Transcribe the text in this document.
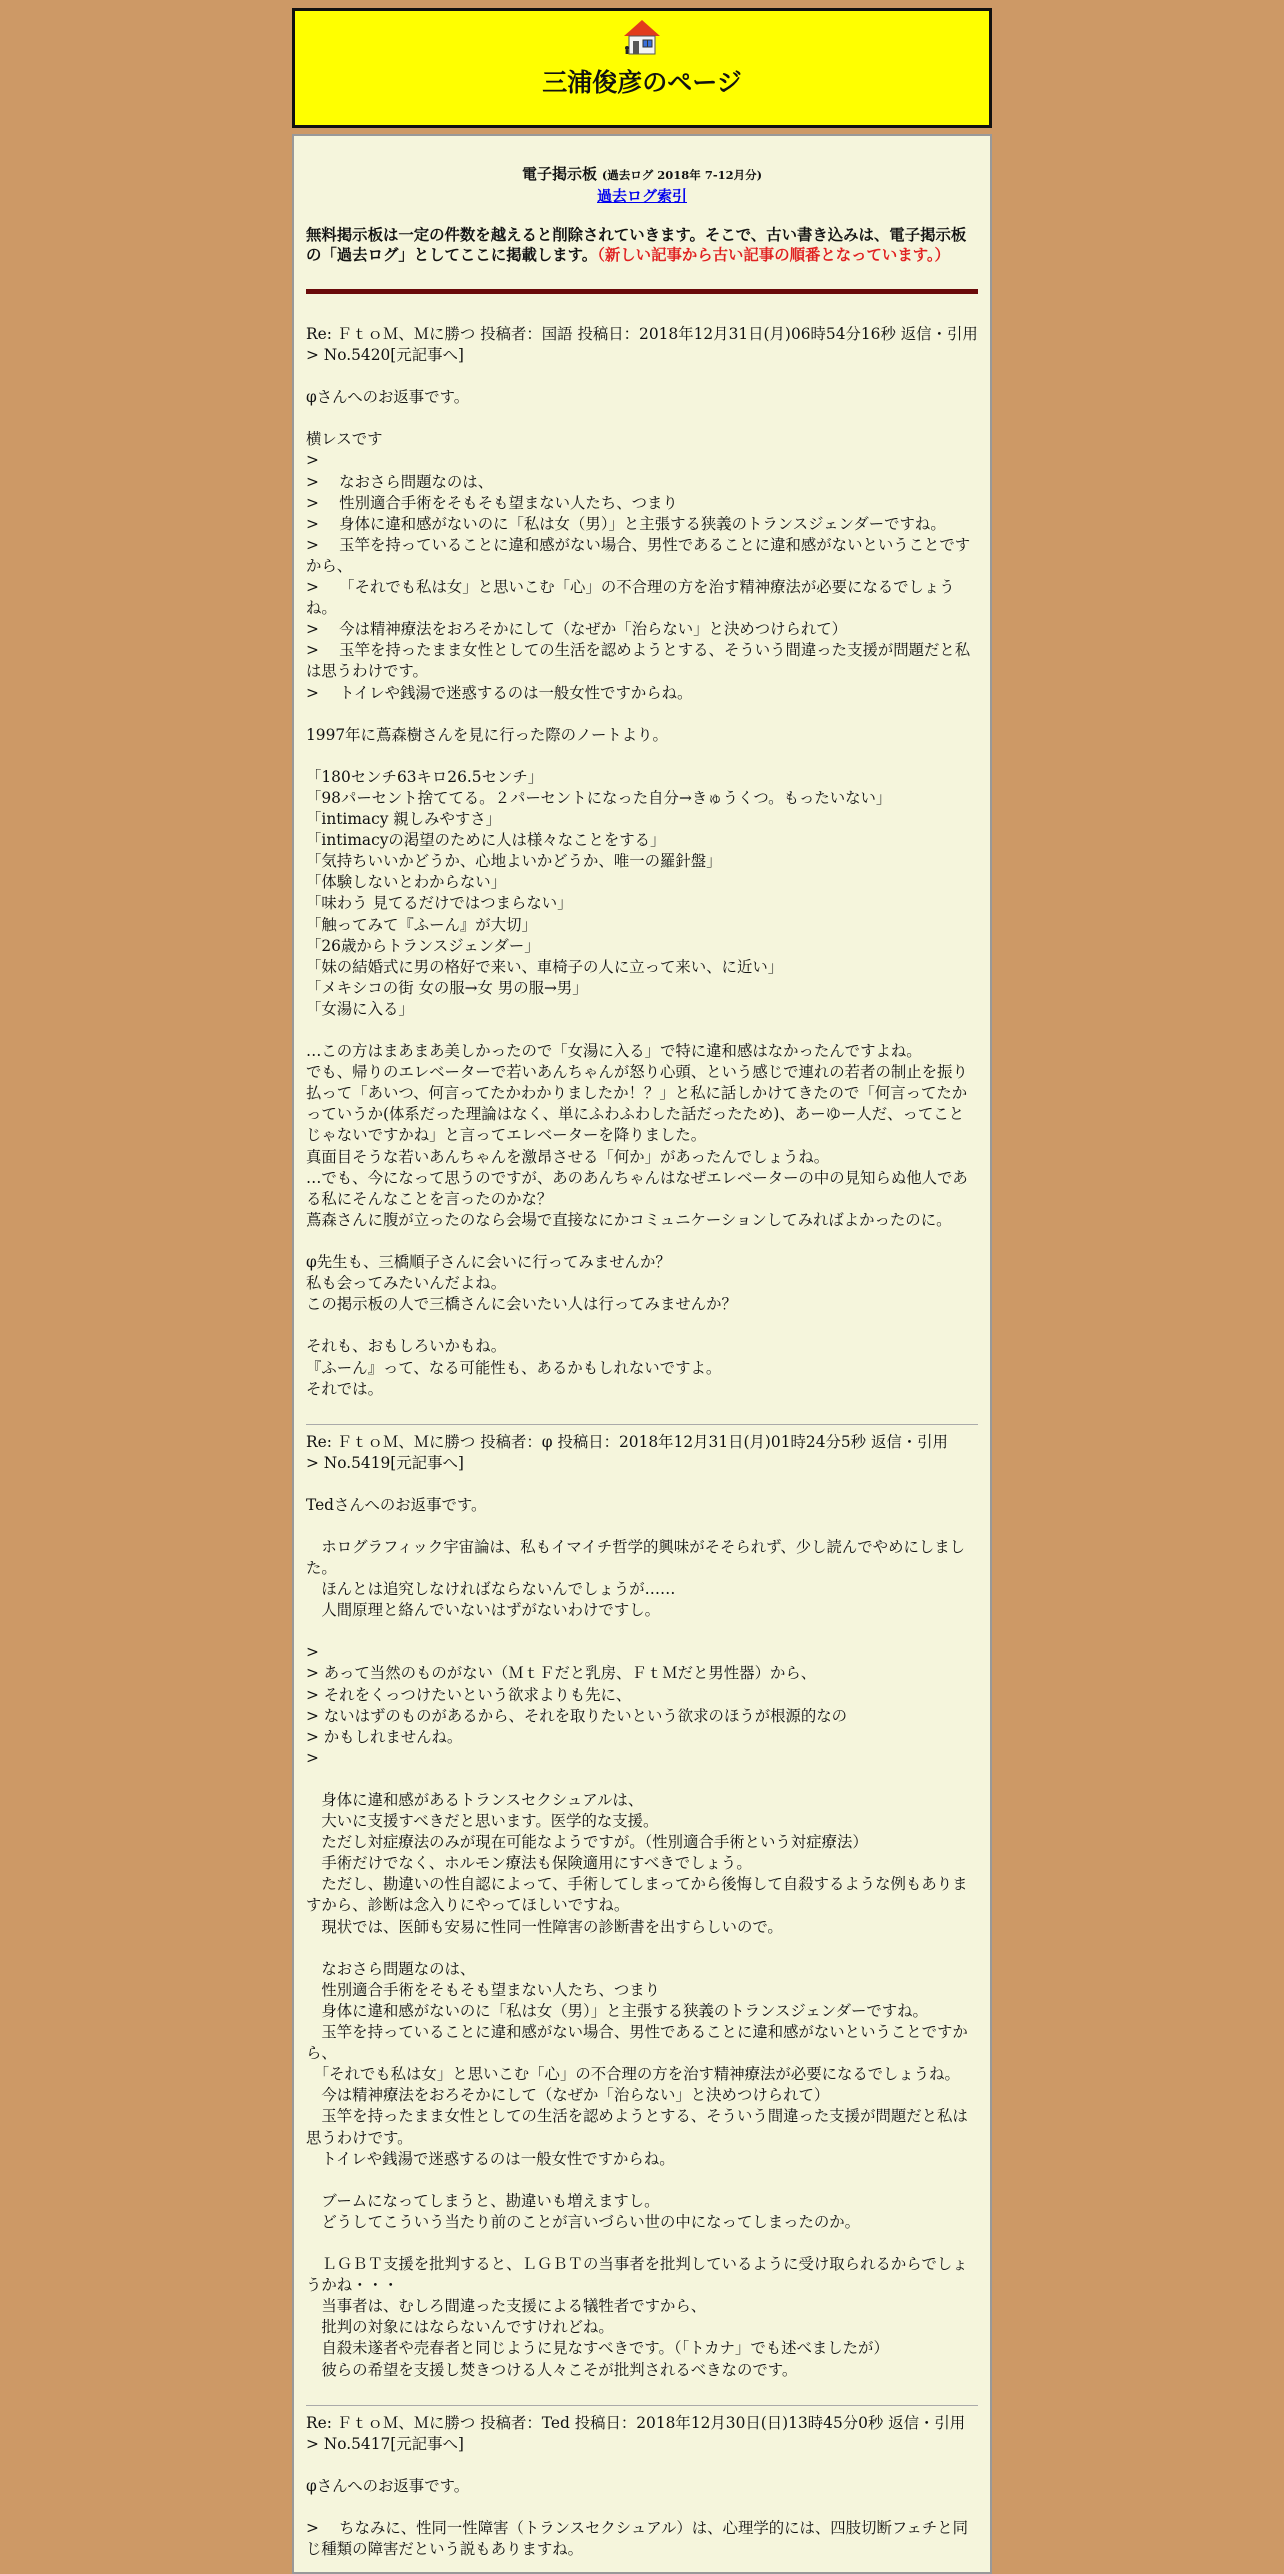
三浦俊彦のページ
電子掲示板 (過去ログ 2018年 7-12月分)
過去ログ索引
無料掲示板は一定の件数を越えると削除されていきます。そこで、古い書き込みは、電子掲示板の「過去ログ」としてここに掲載します。（新しい記事から古い記事の順番となっています。）
Re: ＦｔｏＭ、Ｍに勝つ 投稿者：国語 投稿日：2018年12月31日(月)06時54分16秒 返信・引用
> No.5420[元記事へ]
φさんへのお返事です。

横レスです
>
>　 なおさら問題なのは、
>　 性別適合手術をそもそも望まない人たち、つまり
>　 身体に違和感がないのに「私は女（男）」と主張する狭義のトランスジェンダーですね。
>　 玉竿を持っていることに違和感がない場合、男性であることに違和感がないということですから、
>　 「それでも私は女」と思いこむ「心」の不合理の方を治す精神療法が必要になるでしょうね。
>　 今は精神療法をおろそかにして（なぜか「治らない」と決めつけられて）
>　 玉竿を持ったまま女性としての生活を認めようとする、そういう間違った支援が問題だと私は思うわけです。
>　 トイレや銭湯で迷惑するのは一般女性ですからね。

1997年に蔦森樹さんを見に行った際のノートより。

「180センチ63キロ26.5センチ」
「98パーセント捨ててる。２パーセントになった自分→きゅうくつ。もったいない」
「intimacy 親しみやすさ」
「intimacyの渇望のために人は様々なことをする」
「気持ちいいかどうか、心地よいかどうか、唯一の羅針盤」
「体験しないとわからない」
「味わう 見てるだけではつまらない」
「触ってみて『ふーん』が大切」
「26歳からトランスジェンダー」
「妹の結婚式に男の格好で来い、車椅子の人に立って来い、に近い」
「メキシコの街 女の服→女 男の服→男」
「女湯に入る」

…この方はまあまあ美しかったので「女湯に入る」で特に違和感はなかったんですよね。
でも、帰りのエレベーターで若いあんちゃんが怒り心頭、という感じで連れの若者の制止を振り払って「あいつ、何言ってたかわかりましたか！？」と私に話しかけてきたので「何言ってたかっていうか(体系だった理論はなく、単にふわふわした話だったため)、あーゆー人だ、ってことじゃないですかね」と言ってエレベーターを降りました。
真面目そうな若いあんちゃんを激昂させる「何か」があったんでしょうね。
…でも、今になって思うのですが、あのあんちゃんはなぜエレベーターの中の見知らぬ他人である私にそんなことを言ったのかな？
蔦森さんに腹が立ったのなら会場で直接なにかコミュニケーションしてみればよかったのに。

φ先生も、三橋順子さんに会いに行ってみませんか？
私も会ってみたいんだよね。
この掲示板の人で三橋さんに会いたい人は行ってみませんか？

それも、おもしろいかもね。
『ふーん』って、なる可能性も、あるかもしれないですよ。
それでは。
Re: ＦｔｏＭ、Ｍに勝つ 投稿者：φ 投稿日：2018年12月31日(月)01時24分5秒 返信・引用
> No.5419[元記事へ]
Tedさんへのお返事です。

　ホログラフィック宇宙論は、私もイマイチ哲学的興味がそそられず、少し読んでやめにしました。
　ほんとは追究しなければならないんでしょうが……
　人間原理と絡んでいないはずがないわけですし。

>
> あって当然のものがない（ＭｔＦだと乳房、ＦｔＭだと男性器）から、
> それをくっつけたいという欲求よりも先に、
> ないはずのものがあるから、それを取りたいという欲求のほうが根源的なの
> かもしれませんね。
>

　身体に違和感があるトランスセクシュアルは、
　大いに支援すべきだと思います。医学的な支援。
　ただし対症療法のみが現在可能なようですが。（性別適合手術という対症療法）
　手術だけでなく、ホルモン療法も保険適用にすべきでしょう。
　ただし、勘違いの性自認によって、手術してしまってから後悔して自殺するような例もありますから、診断は念入りにやってほしいですね。
　現状では、医師も安易に性同一性障害の診断書を出すらしいので。

　なおさら問題なのは、
　性別適合手術をそもそも望まない人たち、つまり
　身体に違和感がないのに「私は女（男）」と主張する狭義のトランスジェンダーですね。
　玉竿を持っていることに違和感がない場合、男性であることに違和感がないということですから、
　「それでも私は女」と思いこむ「心」の不合理の方を治す精神療法が必要になるでしょうね。
　今は精神療法をおろそかにして（なぜか「治らない」と決めつけられて）
　玉竿を持ったまま女性としての生活を認めようとする、そういう間違った支援が問題だと私は思うわけです。
　トイレや銭湯で迷惑するのは一般女性ですからね。

　ブームになってしまうと、勘違いも増えますし。
　どうしてこういう当たり前のことが言いづらい世の中になってしまったのか。

　ＬＧＢＴ支援を批判すると、ＬＧＢＴの当事者を批判しているように受け取られるからでしょうかね・・・
　当事者は、むしろ間違った支援による犠牲者ですから、
　批判の対象にはならないんですけれどね。
　自殺未遂者や売春者と同じように見なすべきです。（「トカナ」でも述べましたが）
　彼らの希望を支援し焚きつける人々こそが批判されるべきなのです。
Re: ＦｔｏＭ、Ｍに勝つ 投稿者：Ted 投稿日：2018年12月30日(日)13時45分0秒 返信・引用
> No.5417[元記事へ]
φさんへのお返事です。

>　 ちなみに、性同一性障害（トランスセクシュアル）は、心理学的には、四肢切断フェチと同じ種類の障害だという説もありますね。
